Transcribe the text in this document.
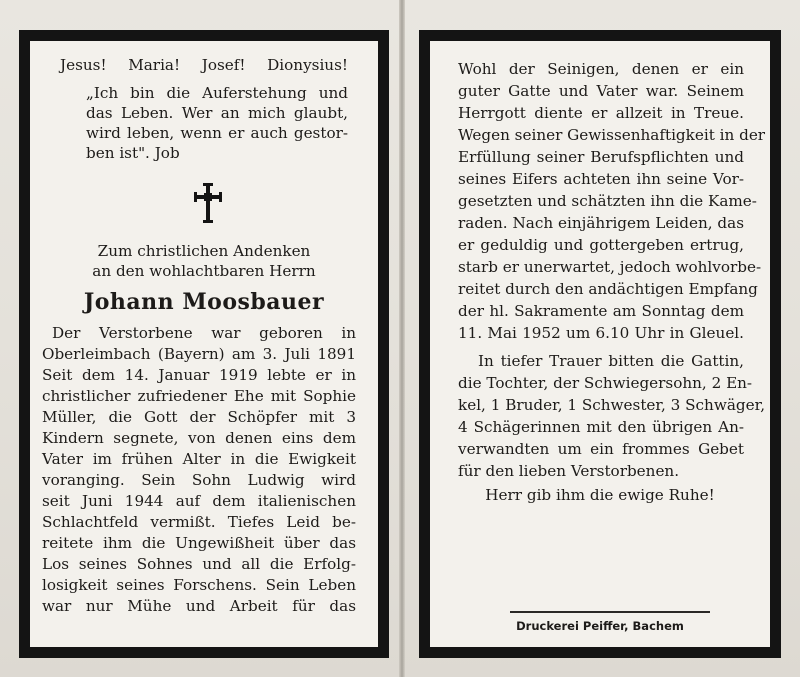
Jesus! Maria! Josef! Dionysius!
„Ich bin die Auferstehung und
das Leben. Wer an mich glaubt,
wird leben, wenn er auch gestor-
ben ist". Job
Zum christlichen Andenken
an den wohlachtbaren Herrn
Johann Moosbauer
Der Verstorbene war geboren in
Oberleimbach (Bayern) am 3. Juli 1891
Seit dem 14. Januar 1919 lebte er in
christlicher zufriedener Ehe mit Sophie
Müller, die Gott der Schöpfer mit 3
Kindern segnete, von denen eins dem
Vater im frühen Alter in die Ewigkeit
voranging. Sein Sohn Ludwig wird
seit Juni 1944 auf dem italienischen
Schlachtfeld vermißt. Tiefes Leid be-
reitete ihm die Ungewißheit über das
Los seines Sohnes und all die Erfolg-
losigkeit seines Forschens. Sein Leben
war nur Mühe und Arbeit für das
Wohl der Seinigen, denen er ein
guter Gatte und Vater war. Seinem
Herrgott diente er allzeit in Treue.
Wegen seiner Gewissenhaftigkeit in der
Erfüllung seiner Berufspflichten und
seines Eifers achteten ihn seine Vor-
gesetzten und schätzten ihn die Kame-
raden. Nach einjährigem Leiden, das
er geduldig und gottergeben ertrug,
starb er unerwartet, jedoch wohlvorbe-
reitet durch den andächtigen Empfang
der hl. Sakramente am Sonntag dem
11. Mai 1952 um 6.10 Uhr in Gleuel.
In tiefer Trauer bitten die Gattin,
die Tochter, der Schwiegersohn, 2 En-
kel, 1 Bruder, 1 Schwester, 3 Schwäger,
4 Schägerinnen mit den übrigen An-
verwandten um ein frommes Gebet
für den lieben Verstorbenen.
Herr gib ihm die ewige Ruhe!
Druckerei Peiffer, Bachem
